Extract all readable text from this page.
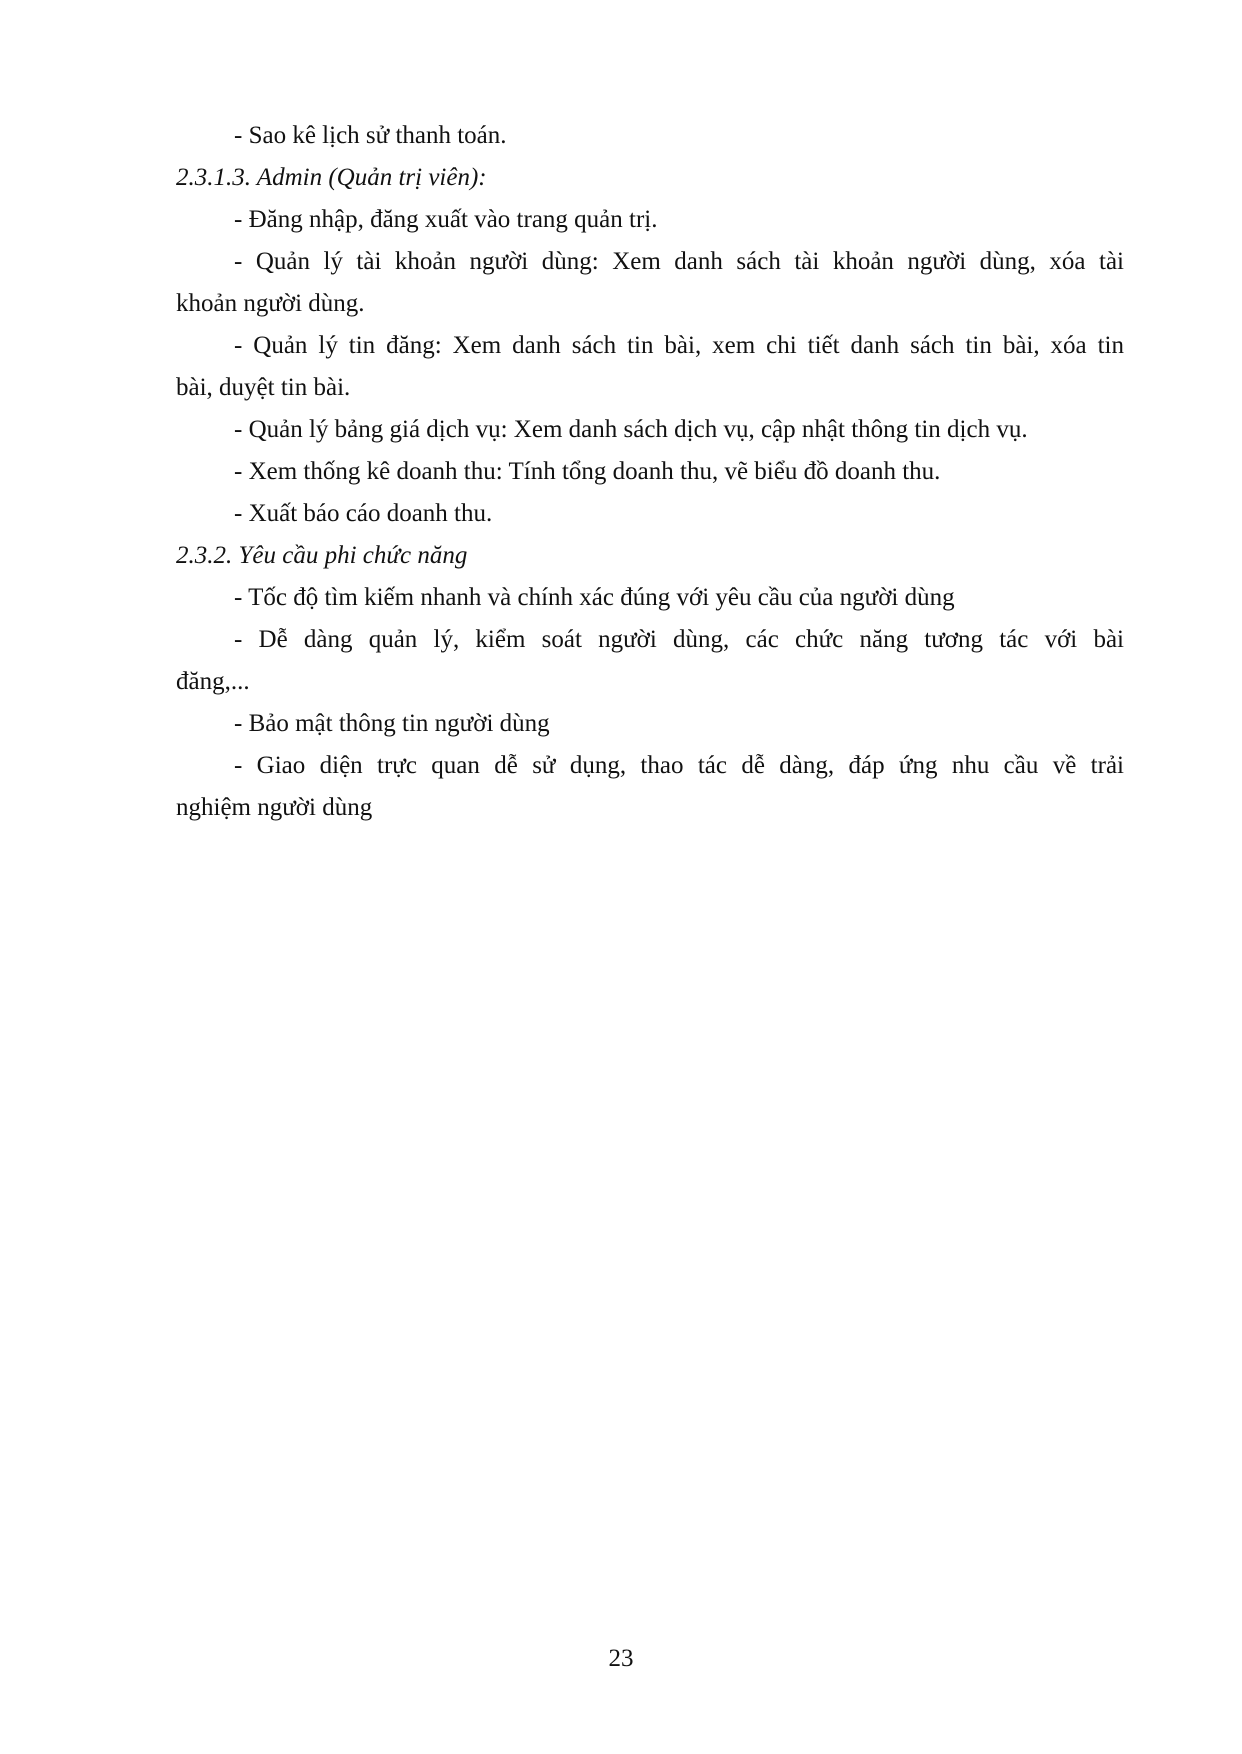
- Sao kê lịch sử thanh toán.
2.3.1.3. Admin (Quản trị viên):
- Đăng nhập, đăng xuất vào trang quản trị.
- Quản lý tài khoản người dùng: Xem danh sách tài khoản người dùng, xóa tài
khoản người dùng.
- Quản lý tin đăng: Xem danh sách tin bài, xem chi tiết danh sách tin bài, xóa tin
bài, duyệt tin bài.
- Quản lý bảng giá dịch vụ: Xem danh sách dịch vụ, cập nhật thông tin dịch vụ.
- Xem thống kê doanh thu: Tính tổng doanh thu, vẽ biểu đồ doanh thu.
- Xuất báo cáo doanh thu.
2.3.2. Yêu cầu phi chức năng
- Tốc độ tìm kiếm nhanh và chính xác đúng với yêu cầu của người dùng
- Dễ dàng quản lý, kiểm soát người dùng, các chức năng tương tác với bài
đăng,...
- Bảo mật thông tin người dùng
- Giao diện trực quan dễ sử dụng, thao tác dễ dàng, đáp ứng nhu cầu về trải
nghiệm người dùng
23
